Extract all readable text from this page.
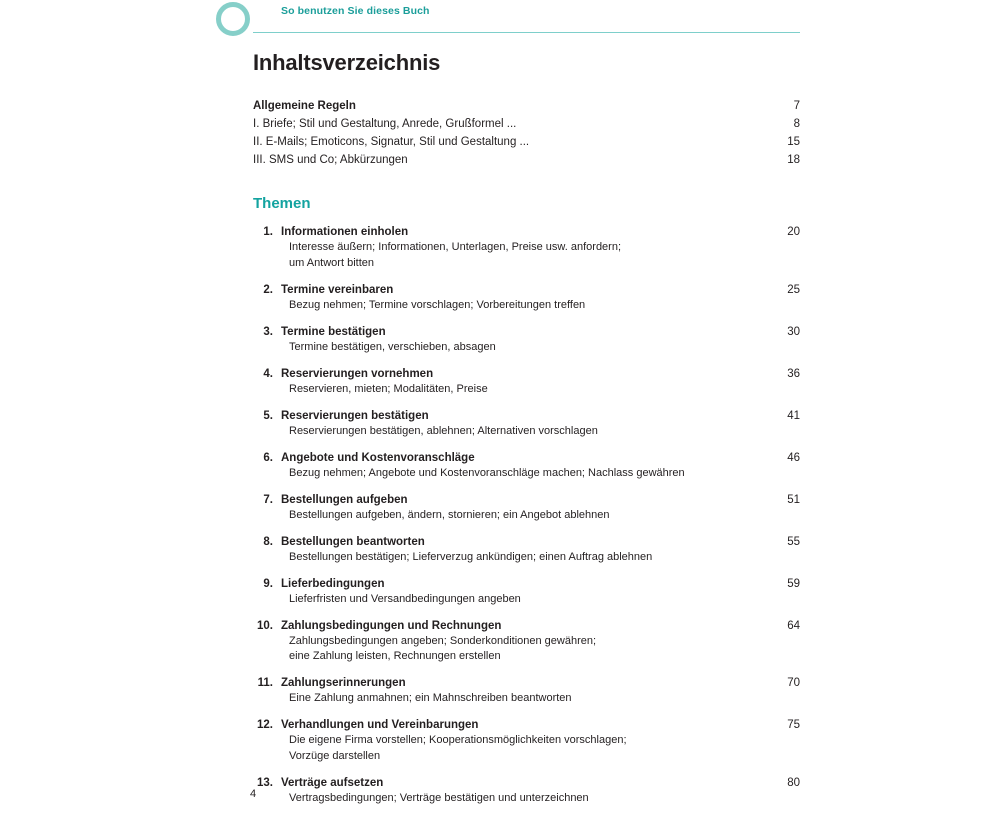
So benutzen Sie dieses Buch
Inhaltsverzeichnis
Allgemeine Regeln	7
I. Briefe; Stil und Gestaltung, Anrede, Grußformel ...	8
II. E-Mails; Emoticons, Signatur, Stil und Gestaltung ...	15
III. SMS und Co; Abkürzungen	18
Themen
1. Informationen einholen	20
Interesse äußern; Informationen, Unterlagen, Preise usw. anfordern;
um Antwort bitten
2. Termine vereinbaren	25
Bezug nehmen; Termine vorschlagen; Vorbereitungen treffen
3. Termine bestätigen	30
Termine bestätigen, verschieben, absagen
4. Reservierungen vornehmen	36
Reservieren, mieten; Modalitäten, Preise
5. Reservierungen bestätigen	41
Reservierungen bestätigen, ablehnen; Alternativen vorschlagen
6. Angebote und Kostenvoranschläge	46
Bezug nehmen; Angebote und Kostenvoranschläge machen; Nachlass gewähren
7. Bestellungen aufgeben	51
Bestellungen aufgeben, ändern, stornieren; ein Angebot ablehnen
8. Bestellungen beantworten	55
Bestellungen bestätigen; Lieferverzug ankündigen; einen Auftrag ablehnen
9. Lieferbedingungen	59
Lieferfristen und Versandbedingungen angeben
10. Zahlungsbedingungen und Rechnungen	64
Zahlungsbedingungen angeben; Sonderkonditionen gewähren;
eine Zahlung leisten, Rechnungen erstellen
11. Zahlungserinnerungen	70
Eine Zahlung anmahnen; ein Mahnschreiben beantworten
12. Verhandlungen und Vereinbarungen	75
Die eigene Firma vorstellen; Kooperationsmöglichkeiten vorschlagen;
Vorzüge darstellen
13. Verträge aufsetzen	80
Vertragsbedingungen; Verträge bestätigen und unterzeichnen
4
